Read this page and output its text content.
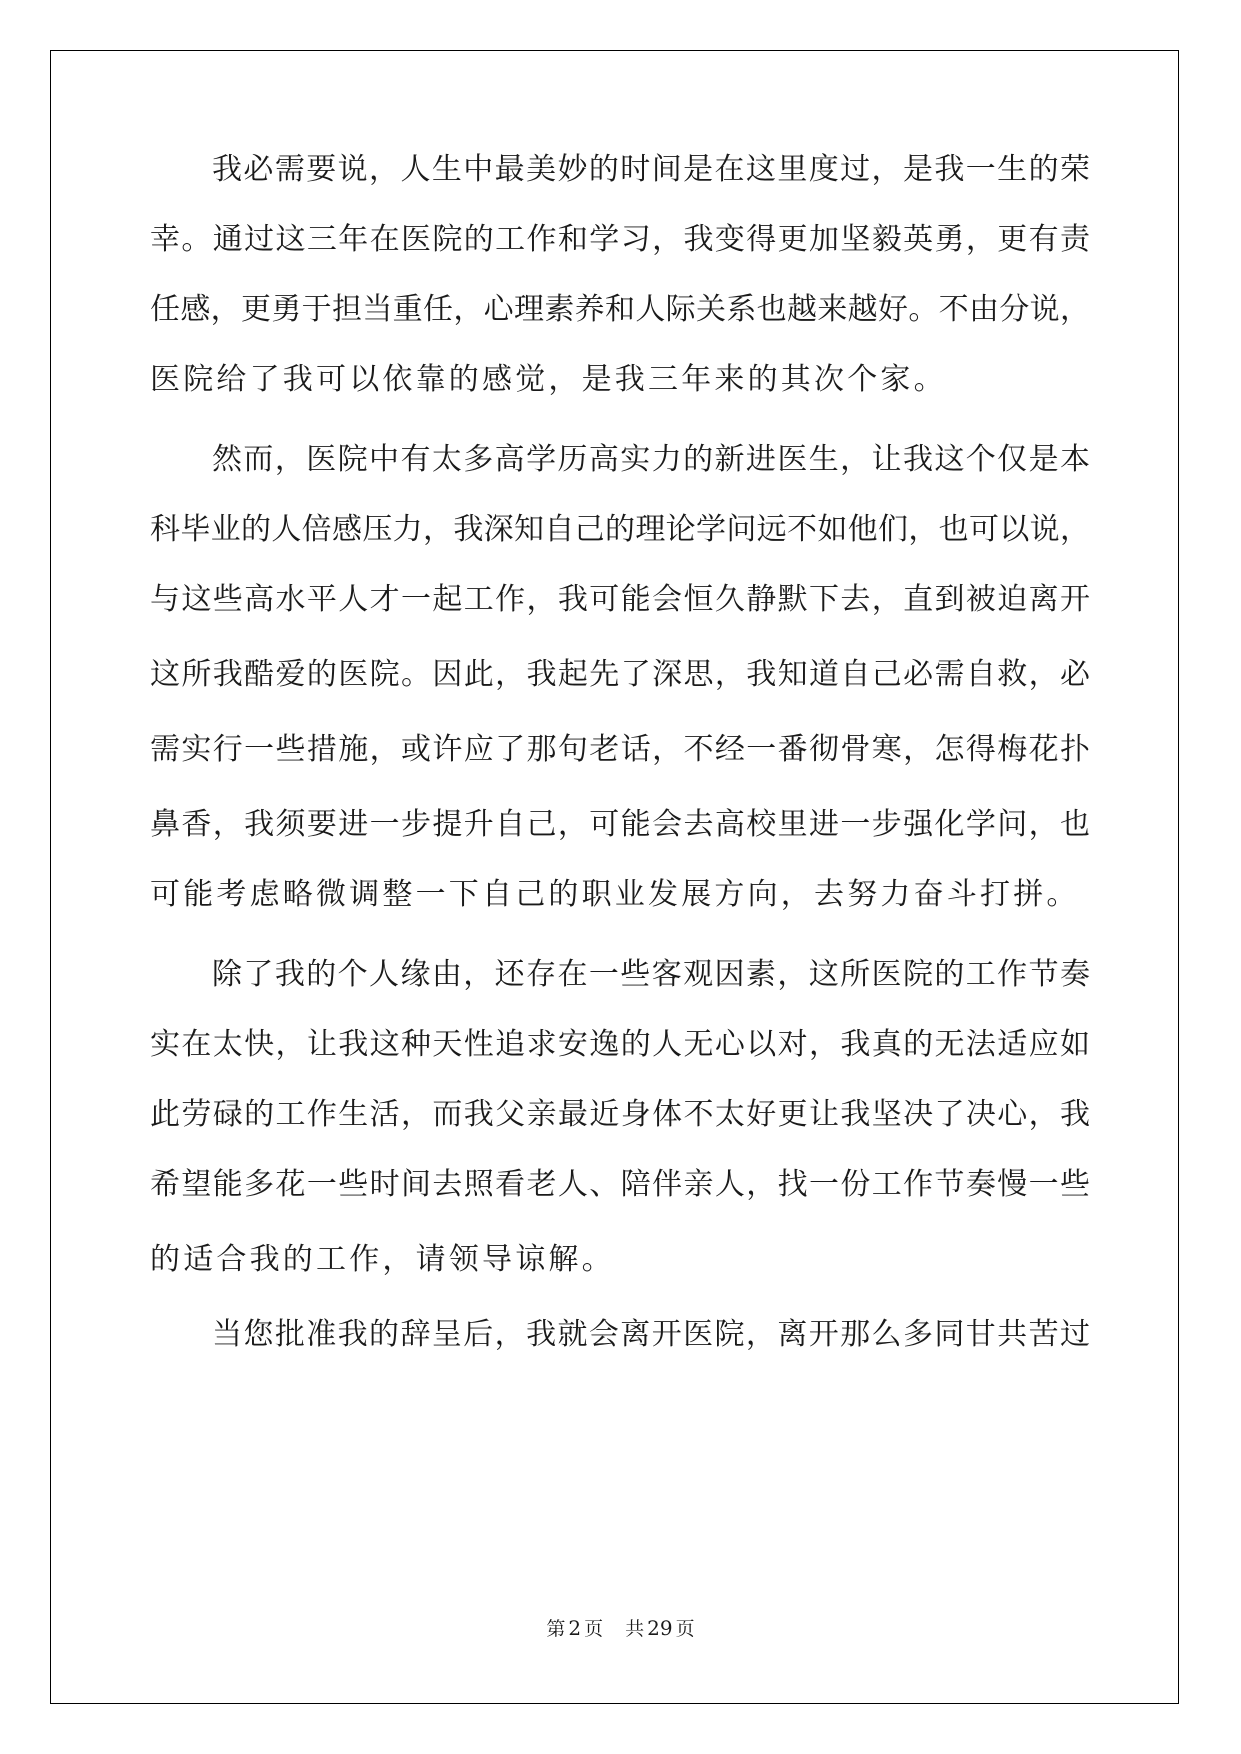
我必需要说，人生中最美妙的时间是在这里度过，是我一生的荣
幸。通过这三年在医院的工作和学习，我变得更加坚毅英勇，更有责
任感，更勇于担当重任，心理素养和人际关系也越来越好。不由分说，
医院给了我可以依靠的感觉，是我三年来的其次个家。
然而，医院中有太多高学历高实力的新进医生，让我这个仅是本
科毕业的人倍感压力，我深知自己的理论学问远不如他们，也可以说，
与这些高水平人才一起工作，我可能会恒久静默下去，直到被迫离开
这所我酷爱的医院。因此，我起先了深思，我知道自己必需自救，必
需实行一些措施，或许应了那句老话，不经一番彻骨寒，怎得梅花扑
鼻香，我须要进一步提升自己，可能会去高校里进一步强化学问，也
可能考虑略微调整一下自己的职业发展方向，去努力奋斗打拼。
除了我的个人缘由，还存在一些客观因素，这所医院的工作节奏
实在太快，让我这种天性追求安逸的人无心以对，我真的无法适应如
此劳碌的工作生活，而我父亲最近身体不太好更让我坚决了决心，我
希望能多花一些时间去照看老人、陪伴亲人，找一份工作节奏慢一些
的适合我的工作，请领导谅解。
当您批准我的辞呈后，我就会离开医院，离开那么多同甘共苦过
第 2 页 共 29 页
